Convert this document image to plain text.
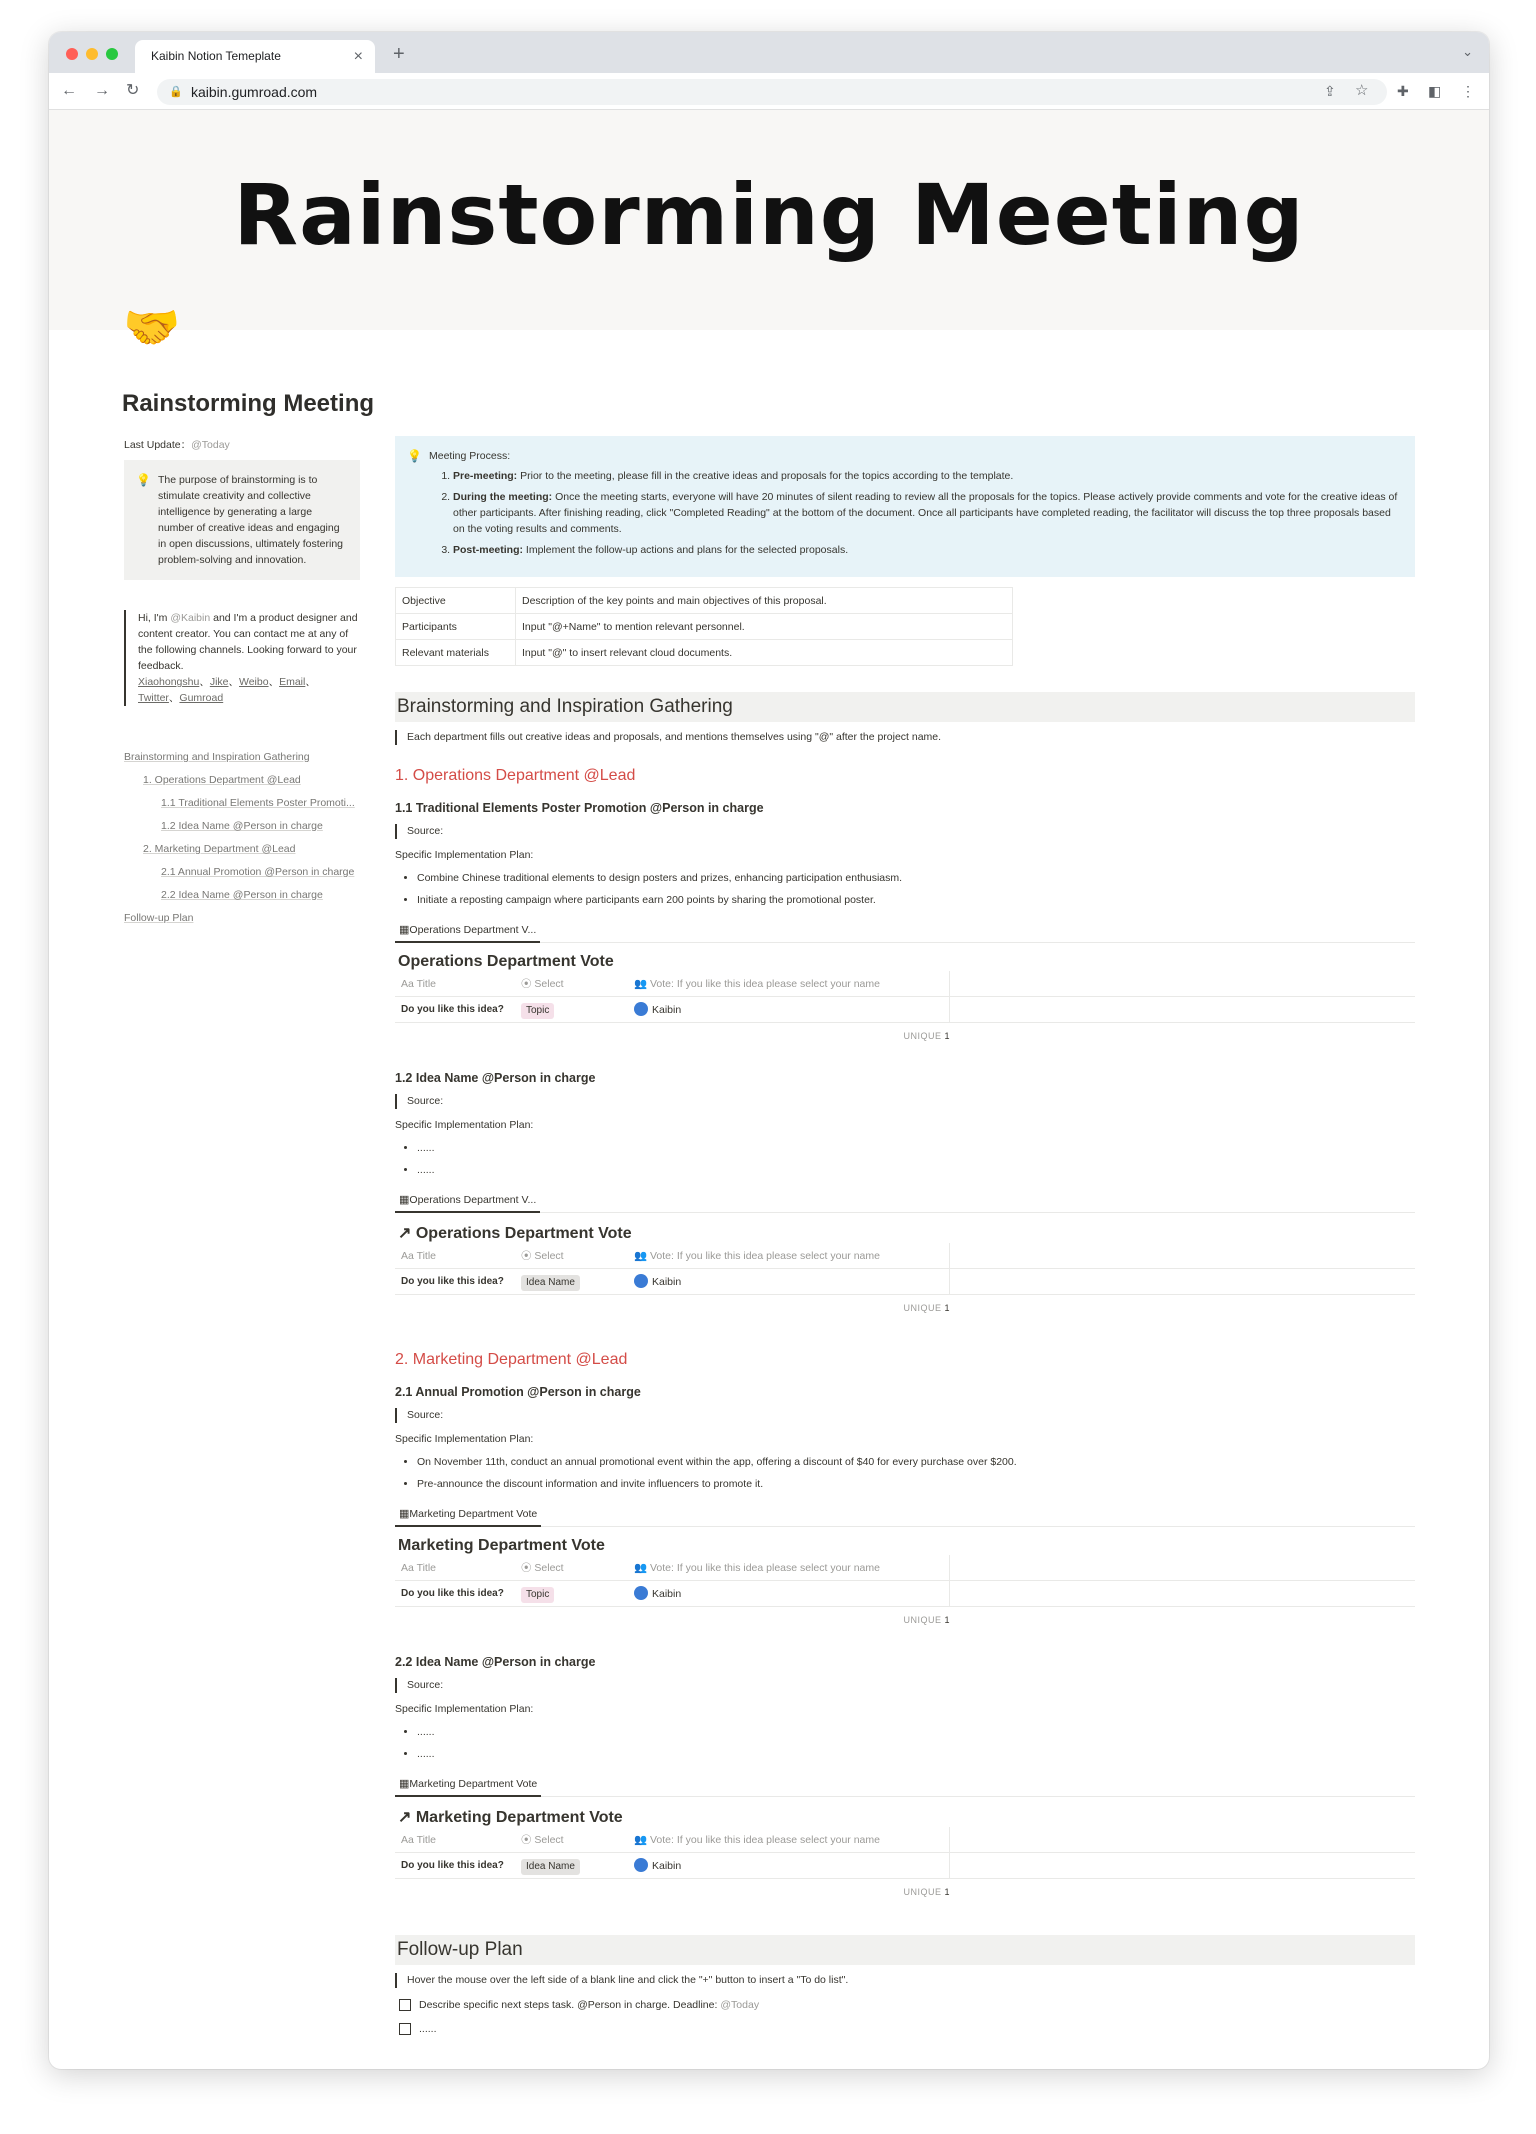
Kaibin Notion Temeplate	× +	⌄
← → ↻	🔒 kaibin.gumroad.com	⇪ ☆ ✚ ◧ ⋮
Rainstorming Meeting
🤝
Rainstorming Meeting
Last Update：@Today
💡 The purpose of brainstorming is to stimulate creativity and collective intelligence by generating a large number of creative ideas and engaging in open discussions, ultimately fostering problem-solving and innovation.
Hi, I'm @Kaibin and I'm a product designer and content creator. You can contact me at any of the following channels. Looking forward to your feedback.
Xiaohongshu、Jike、Weibo、Email、
Twitter、Gumroad
Brainstorming and Inspiration Gathering
1. Operations Department @Lead
1.1 Traditional Elements Poster Promoti...
1.2 Idea Name @Person in charge
2. Marketing Department @Lead
2.1 Annual Promotion @Person in charge
2.2 Idea Name @Person in charge
Follow-up Plan
💡 Meeting Process:
1. Pre-meeting: Prior to the meeting, please fill in the creative ideas and proposals for the topics according to the template.
2. During the meeting: Once the meeting starts, everyone will have 20 minutes of silent reading to review all the proposals for the topics. Please actively provide comments and vote for the creative ideas of other participants. After finishing reading, click "Completed Reading" at the bottom of the document. Once all participants have completed reading, the facilitator will discuss the top three proposals based on the voting results and comments.
3. Post-meeting: Implement the follow-up actions and plans for the selected proposals.
Objective	Description of the key points and main objectives of this proposal.
Participants	Input "@+Name" to mention relevant personnel.
Relevant materials	Input "@" to insert relevant cloud documents.
Brainstorming and Inspiration Gathering
Each department fills out creative ideas and proposals, and mentions themselves using "@" after the project name.
1. Operations Department @Lead
1.1 Traditional Elements Poster Promotion @Person in charge
Source:
Specific Implementation Plan:
• Combine Chinese traditional elements to design posters and prizes, enhancing participation enthusiasm.
• Initiate a reposting campaign where participants earn 200 points by sharing the promotional poster.
▦Operations Department V...
Operations Department Vote
Aa Title	⦿ Select	👥 Vote: If you like this idea please select your name
Do you like this idea?	Topic	Kaibin
UNIQUE 1
1.2 Idea Name @Person in charge
Source:
Specific Implementation Plan:
• ......
• ......
▦Operations Department V...
↗ Operations Department Vote
Aa Title	⦿ Select	👥 Vote: If you like this idea please select your name
Do you like this idea?	Idea Name	Kaibin
UNIQUE 1
2. Marketing Department @Lead
2.1 Annual Promotion @Person in charge
Source:
Specific Implementation Plan:
• On November 11th, conduct an annual promotional event within the app, offering a discount of $40 for every purchase over $200.
• Pre-announce the discount information and invite influencers to promote it.
▦Marketing Department Vote
Marketing Department Vote
Aa Title	⦿ Select	👥 Vote: If you like this idea please select your name
Do you like this idea?	Topic	Kaibin
UNIQUE 1
2.2 Idea Name @Person in charge
Source:
Specific Implementation Plan:
• ......
• ......
▦Marketing Department Vote
↗ Marketing Department Vote
Aa Title	⦿ Select	👥 Vote: If you like this idea please select your name
Do you like this idea?	Idea Name	Kaibin
UNIQUE 1
Follow-up Plan
Hover the mouse over the left side of a blank line and click the "+" button to insert a "To do list".
Describe specific next steps task. @Person in charge. Deadline: @Today
......
